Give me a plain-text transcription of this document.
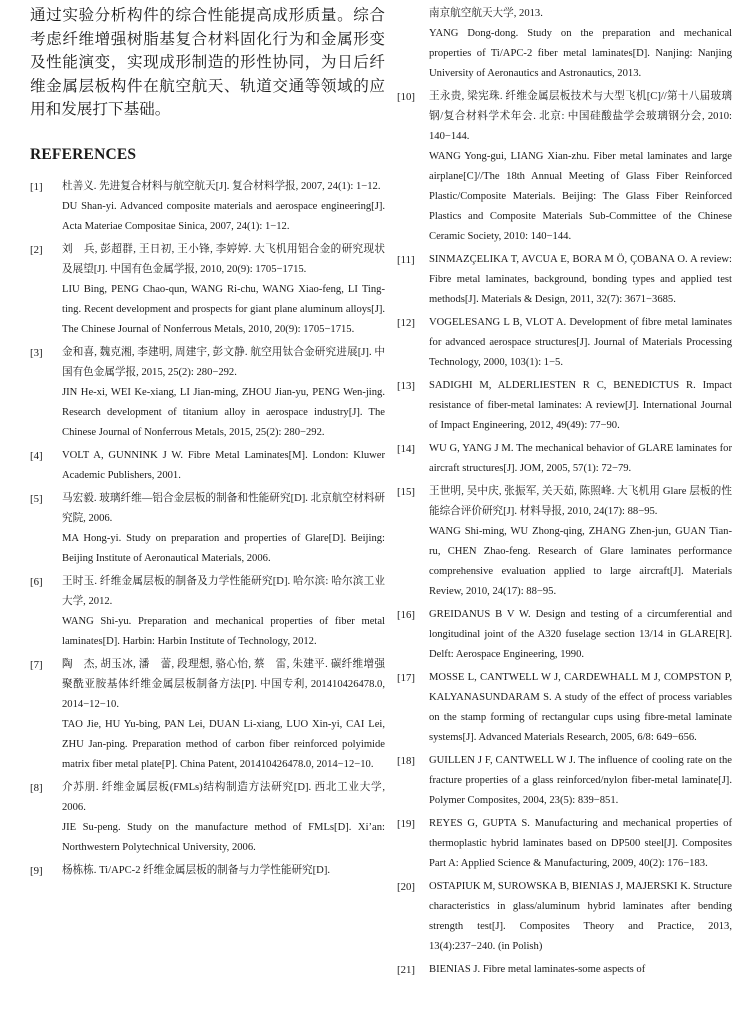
通过实验分析构件的综合性能提高成形质量。综合考虑纤维增强树脂基复合材料固化行为和金属形变及性能演变，实现成形制造的形性协同，为日后纤维金属层板构件在航空航天、轨道交通等领域的应用和发展打下基础。

REFERENCES
[1]	杜善义. 先进复合材料与航空航天[J]. 复合材料学报, 2007, 24(1): 1−12.
DU Shan-yi. Advanced composite materials and aerospace engineering[J]. Acta Materiae Compositae Sinica, 2007, 24(1): 1−12.
[2]	刘　兵, 彭超群, 王日初, 王小锋, 李婷婷. 大飞机用铝合金的研究现状及展望[J]. 中国有色金属学报, 2010, 20(9): 1705−1715.
LIU Bing, PENG Chao-qun, WANG Ri-chu, WANG Xiao-feng, LI Ting-ting. Recent development and prospects for giant plane aluminum alloys[J]. The Chinese Journal of Nonferrous Metals, 2010, 20(9): 1705−1715.
[3]	金和喜, 魏克湘, 李建明, 周建宇, 彭文静. 航空用钛合金研究进展[J]. 中国有色金属学报, 2015, 25(2): 280−292.
JIN He-xi, WEI Ke-xiang, LI Jian-ming, ZHOU Jian-yu, PENG Wen-jing. Research development of titanium alloy in aerospace industry[J]. The Chinese Journal of Nonferrous Metals, 2015, 25(2): 280−292.
[4]	VOLT A, GUNNINK J W. Fibre Metal Laminates[M]. London: Kluwer Academic Publishers, 2001.
[5]	马宏毅. 玻璃纤维—铝合金层板的制备和性能研究[D]. 北京航空材料研究院, 2006.
MA Hong-yi. Study on preparation and properties of Glare[D]. Beijing: Beijing Institute of Aeronautical Materials, 2006.
[6]	王时玉. 纤维金属层板的制备及力学性能研究[D]. 哈尔滨: 哈尔滨工业大学, 2012.
WANG Shi-yu. Preparation and mechanical properties of fiber metal laminates[D]. Harbin: Harbin Institute of Technology, 2012.
[7]	陶　杰, 胡玉冰, 潘　蕾, 段理想, 骆心怡, 蔡　雷, 朱建平. 碳纤维增强聚酰亚胺基体纤维金属层板制备方法[P]. 中国专利, 201410426478.0, 2014−12−10.
TAO Jie, HU Yu-bing, PAN Lei, DUAN Li-xiang, LUO Xin-yi, CAI Lei, ZHU Jan-ping. Preparation method of carbon fiber reinforced polyimide matrix fiber metal plate[P]. China Patent, 201410426478.0, 2014−12−10.
[8]	介苏朋. 纤维金属层板(FMLs)结构制造方法研究[D]. 西北工业大学, 2006.
JIE Su-peng. Study on the manufacture method of FMLs[D]. Xi’an: Northwestern Polytechnical University, 2006.
[9]	杨栋栋. Ti/APC-2 纤维金属层板的制备与力学性能研究[D].

南京航空航天大学, 2013.

YANG Dong-dong. Study on the preparation and mechanical properties of Ti/APC-2 fiber metal laminates[D]. Nanjing: Nanjing University of Aeronautics and Astronautics, 2013.

[10]	王永贵, 梁宪珠. 纤维金属层板技术与大型飞机[C]//第十八届玻璃钢/复合材料学术年会. 北京: 中国硅酸盐学会玻璃钢分会, 2010: 140−144.
WANG Yong-gui, LIANG Xian-zhu. Fiber metal laminates and large airplane[C]//The 18th Annual Meeting of Glass Fiber Reinforced Plastic/Composite Materials. Beijing: The Glass Fiber Reinforced Plastics and Composite Materials Sub-Committee of the Chinese Ceramic Society, 2010: 140−144.
[11]	SINMAZÇELIKA T, AVCUA E, BORA M Ö, ÇOBANA O. A review: Fibre metal laminates, background, bonding types and applied test methods[J]. Materials & Design, 2011, 32(7): 3671−3685.
[12]	VOGELESANG L B, VLOT A. Development of fibre metal laminates for advanced aerospace structures[J]. Journal of Materials Processing Technology, 2000, 103(1): 1−5.
[13]	SADIGHI M, ALDERLIESTEN R C, BENEDICTUS R. Impact resistance of fiber-metal laminates: A review[J]. International Journal of Impact Engineering, 2012, 49(49): 77−90.
[14]	WU G, YANG J M. The mechanical behavior of GLARE laminates for aircraft structures[J]. JOM, 2005, 57(1): 72−79.
[15]	王世明, 吴中庆, 张振军, 关天茹, 陈照峰. 大飞机用 Glare 层板的性能综合评价研究[J]. 材料导报, 2010, 24(17): 88−95.
WANG Shi-ming, WU Zhong-qing, ZHANG Zhen-jun, GUAN Tian-ru, CHEN Zhao-feng. Research of Glare laminates performance comprehensive evaluation applied to large aircraft[J]. Materials Review, 2010, 24(17): 88−95.
[16]	GREIDANUS B V W. Design and testing of a circumferential and longitudinal joint of the A320 fuselage section 13/14 in GLARE[R]. Delft: Aerospace Engineering, 1990.
[17]	MOSSE L, CANTWELL W J, CARDEWHALL M J, COMPSTON P, KALYANASUNDARAM S. A study of the effect of process variables on the stamp forming of rectangular cups using fibre-metal laminate systems[J]. Advanced Materials Research, 2005, 6/8: 649−656.
[18]	GUILLEN J F, CANTWELL W J. The influence of cooling rate on the fracture properties of a glass reinforced/nylon fiber-metal laminate[J]. Polymer Composites, 2004, 23(5): 839−851.
[19]	REYES G, GUPTA S. Manufacturing and mechanical properties of thermoplastic hybrid laminates based on DP500 steel[J]. Composites Part A: Applied Science & Manufacturing, 2009, 40(2): 176−183.
[20]	OSTAPIUK M, SUROWSKA B, BIENIAS J, MAJERSKI K. Structure characteristics in glass/aluminum hybrid laminates after bending strength test[J]. Composites Theory and Practice, 2013, 13(4):237−240. (in Polish)
[21]	BIENIAS J. Fibre metal laminates-some aspects of
